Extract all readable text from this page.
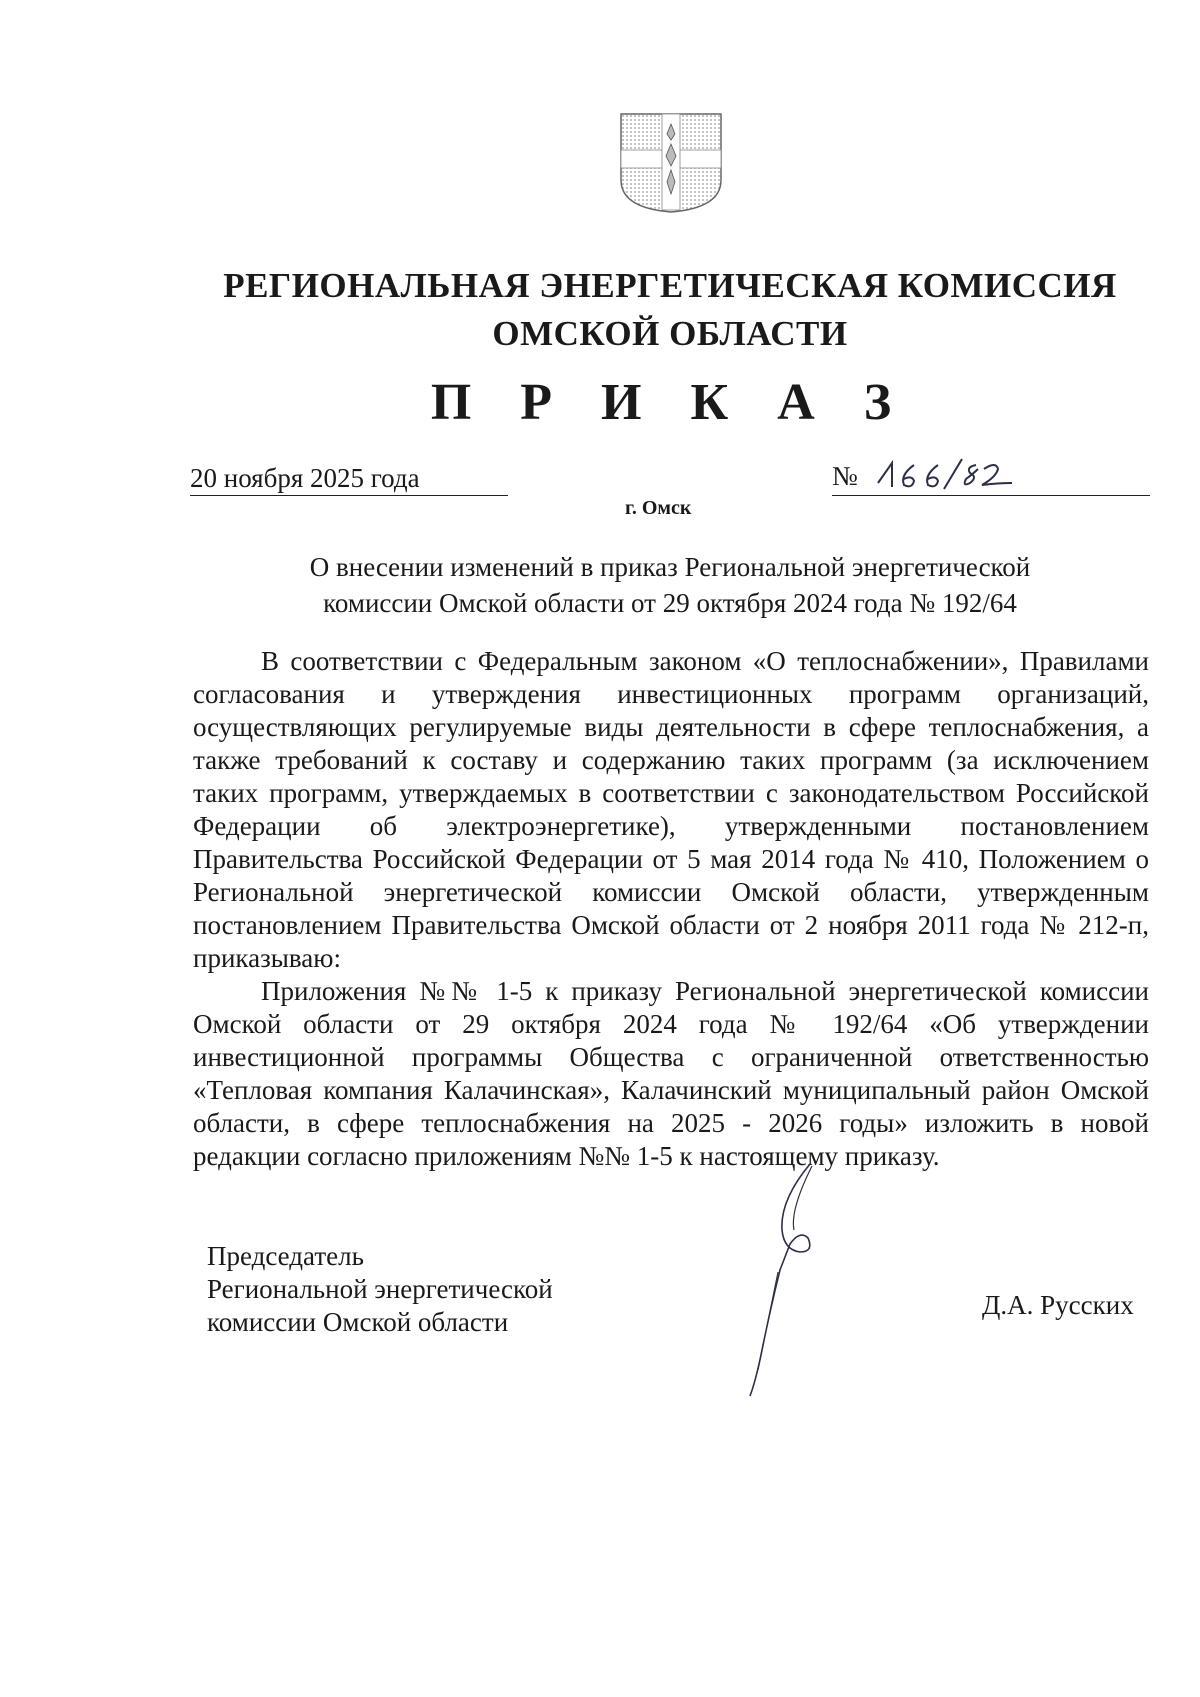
РЕГИОНАЛЬНАЯ ЭНЕРГЕТИЧЕСКАЯ КОМИССИЯ
ОМСКОЙ ОБЛАСТИ
П Р И К А З
20 ноября 2025 года	№
г. Омск
О внесении изменений в приказ Региональной энергетической
комиссии Омской области от 29 октября 2024 года № 192/64

В соответствии с Федеральным законом «О теплоснабжении», Правилами согласования и утверждения инвестиционных программ организаций, осуществляющих регулируемые виды деятельности в сфере теплоснабжения, а также требований к составу и содержанию таких программ (за исключением таких программ, утверждаемых в соответствии с законодательством Российской Федерации об электроэнергетике), утвержденными постановлением Правительства Российской Федерации от 5 мая 2014 года № 410, Положением о Региональной энергетической комиссии Омской области, утвержденным постановлением Правительства Омской области от 2 ноября 2011 года № 212-п, приказываю:

Приложения №№ 1-5 к приказу Региональной энергетической комиссии Омской области от 29 октября 2024 года № 192/64 «Об утверждении инвестиционной программы Общества с ограниченной ответственностью «Тепловая компания Калачинская», Калачинский муниципальный район Омской области, в сфере теплоснабжения на 2025 - 2026 годы» изложить в новой редакции согласно приложениям №№ 1-5 к настоящему приказу.

Председатель
Региональной энергетической
комиссии Омской области
Д.А. Русских
